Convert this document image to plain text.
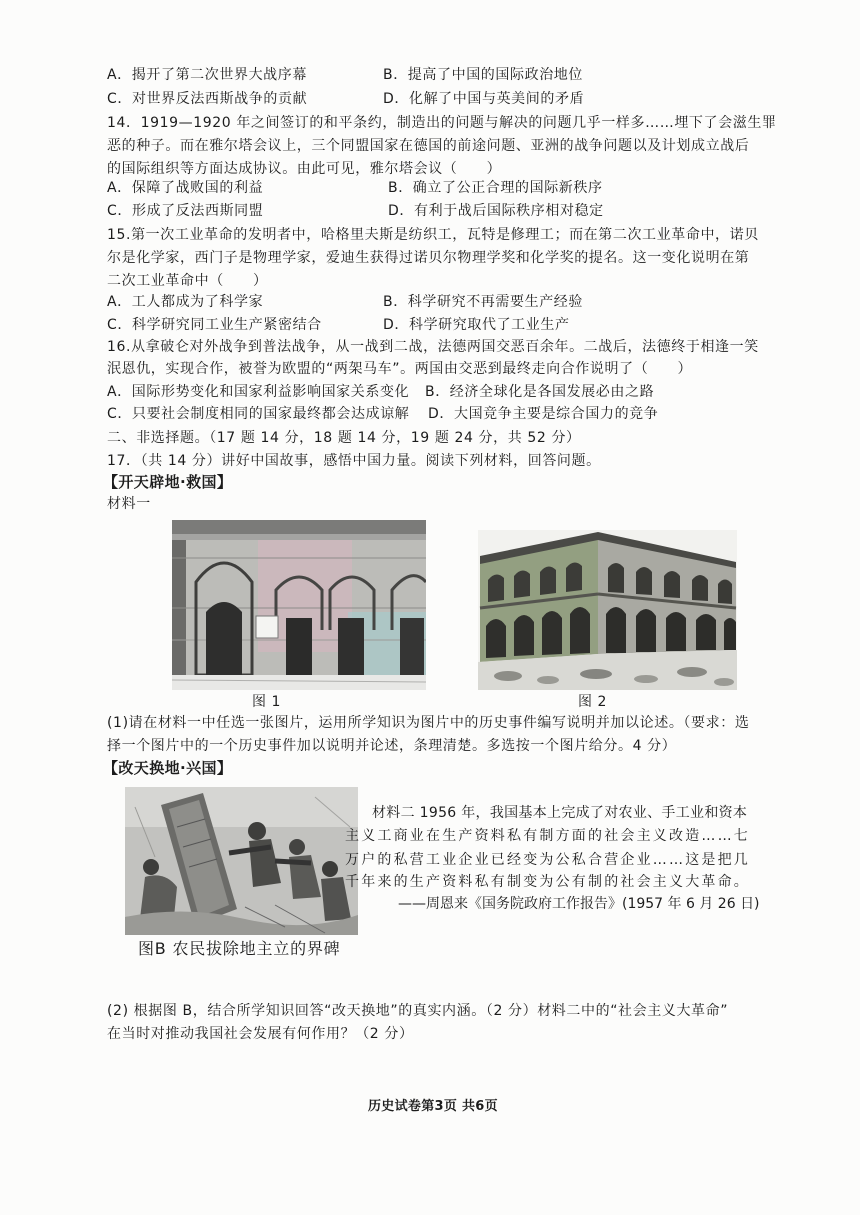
A．揭开了第二次世界大战序幕	B．提高了中国的国际政治地位
C．对世界反法西斯战争的贡献	D．化解了中国与英美间的矛盾
14．1919—1920 年之间签订的和平条约，制造出的问题与解决的问题几乎一样多……埋下了会滋生罪
恶的种子。而在雅尔塔会议上，三个同盟国家在德国的前途问题、亚洲的战争问题以及计划成立战后
的国际组织等方面达成协议。由此可见，雅尔塔会议（　　）
A．保障了战败国的利益	B．确立了公正合理的国际新秩序
C．形成了反法西斯同盟	D．有利于战后国际秩序相对稳定
15.第一次工业革命的发明者中，哈格里夫斯是纺织工，瓦特是修理工；而在第二次工业革命中，诺贝
尔是化学家，西门子是物理学家，爱迪生获得过诺贝尔物理学奖和化学奖的提名。这一变化说明在第
二次工业革命中（　　）
A．工人都成为了科学家	B．科学研究不再需要生产经验
C．科学研究同工业生产紧密结合	D．科学研究取代了工业生产
16.从拿破仑对外战争到普法战争，从一战到二战，法德两国交恶百余年。二战后，法德终于相逢一笑
泯恩仇，实现合作，被誉为欧盟的“两架马车”。两国由交恶到最终走向合作说明了（　　）
A．国际形势变化和国家利益影响国家关系变化 B．经济全球化是各国发展必由之路
C．只要社会制度相同的国家最终都会达成谅解 D．大国竞争主要是综合国力的竞争
二、非选择题。（17 题 14 分，18 题 14 分，19 题 24 分，共 52 分）
17．（共 14 分）讲好中国故事，感悟中国力量。阅读下列材料，回答问题。
【开天辟地·救国】
材料一
图 1	图 2
(1)请在材料一中任选一张图片，运用所学知识为图片中的历史事件编写说明并加以论述。（要求：选
择一个图片中的一个历史事件加以说明并论述，条理清楚。多选按一个图片给分。4 分）
【改天换地·兴国】
图B 农民拔除地主立的界碑
材料二 1956 年，我国基本上完成了对农业、手工业和资本
主义工商业在生产资料私有制方面的社会主义改造……七
万户的私营工业企业已经变为公私合营企业……这是把几
千年来的生产资料私有制变为公有制的社会主义大革命。
——周恩来《国务院政府工作报告》(1957 年 6 月 26 日)
(2) 根据图 B，结合所学知识回答“改天换地”的真实内涵。（2 分）材料二中的“社会主义大革命”
在当时对推动我国社会发展有何作用？（2 分）
历史试卷第3页 共6页
